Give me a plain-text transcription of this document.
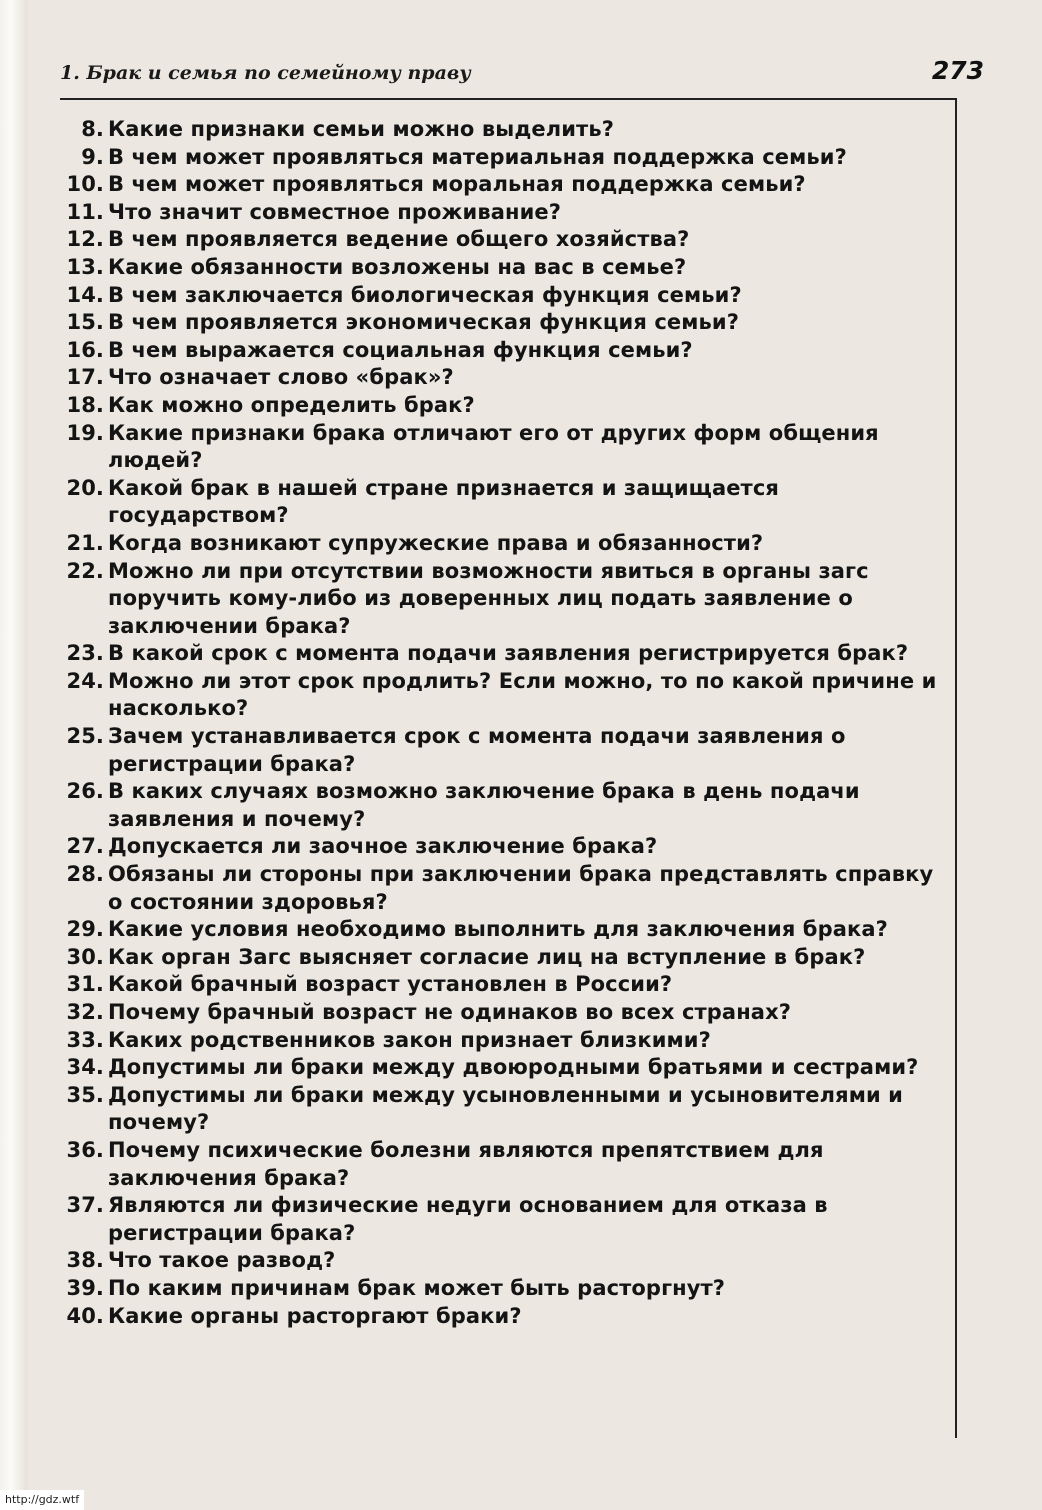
1. Брак и семья по семейному праву	273
8. Какие признаки семьи можно выделить?
9. В чем может проявляться материальная поддержка семьи?
10. В чем может проявляться моральная поддержка семьи?
11. Что значит совместное проживание?
12. В чем проявляется ведение общего хозяйства?
13. Какие обязанности возложены на вас в семье?
14. В чем заключается биологическая функция семьи?
15. В чем проявляется экономическая функция семьи?
16. В чем выражается социальная функция семьи?
17. Что означает слово «брак»?
18. Как можно определить брак?
19. Какие признаки брака отличают его от других форм общения людей?
20. Какой брак в нашей стране признается и защищается государством?
21. Когда возникают супружеские права и обязанности?
22. Можно ли при отсутствии возможности явиться в органы загс поручить кому-либо из доверенных лиц подать заявление о заключении брака?
23. В какой срок с момента подачи заявления регистрируется брак?
24. Можно ли этот срок продлить? Если можно, то по какой причине и насколько?
25. Зачем устанавливается срок с момента подачи заявления о регистрации брака?
26. В каких случаях возможно заключение брака в день подачи заявления и почему?
27. Допускается ли заочное заключение брака?
28. Обязаны ли стороны при заключении брака представлять справку о состоянии здоровья?
29. Какие условия необходимо выполнить для заключения брака?
30. Как орган Загс выясняет согласие лиц на вступление в брак?
31. Какой брачный возраст установлен в России?
32. Почему брачный возраст не одинаков во всех странах?
33. Каких родственников закон признает близкими?
34. Допустимы ли браки между двоюродными братьями и сестрами?
35. Допустимы ли браки между усыновленными и усыновителями и почему?
36. Почему психические болезни являются препятствием для заключения брака?
37. Являются ли физические недуги основанием для отказа в регистрации брака?
38. Что такое развод?
39. По каким причинам брак может быть расторгнут?
40. Какие органы расторгают браки?
http://gdz.wtf
